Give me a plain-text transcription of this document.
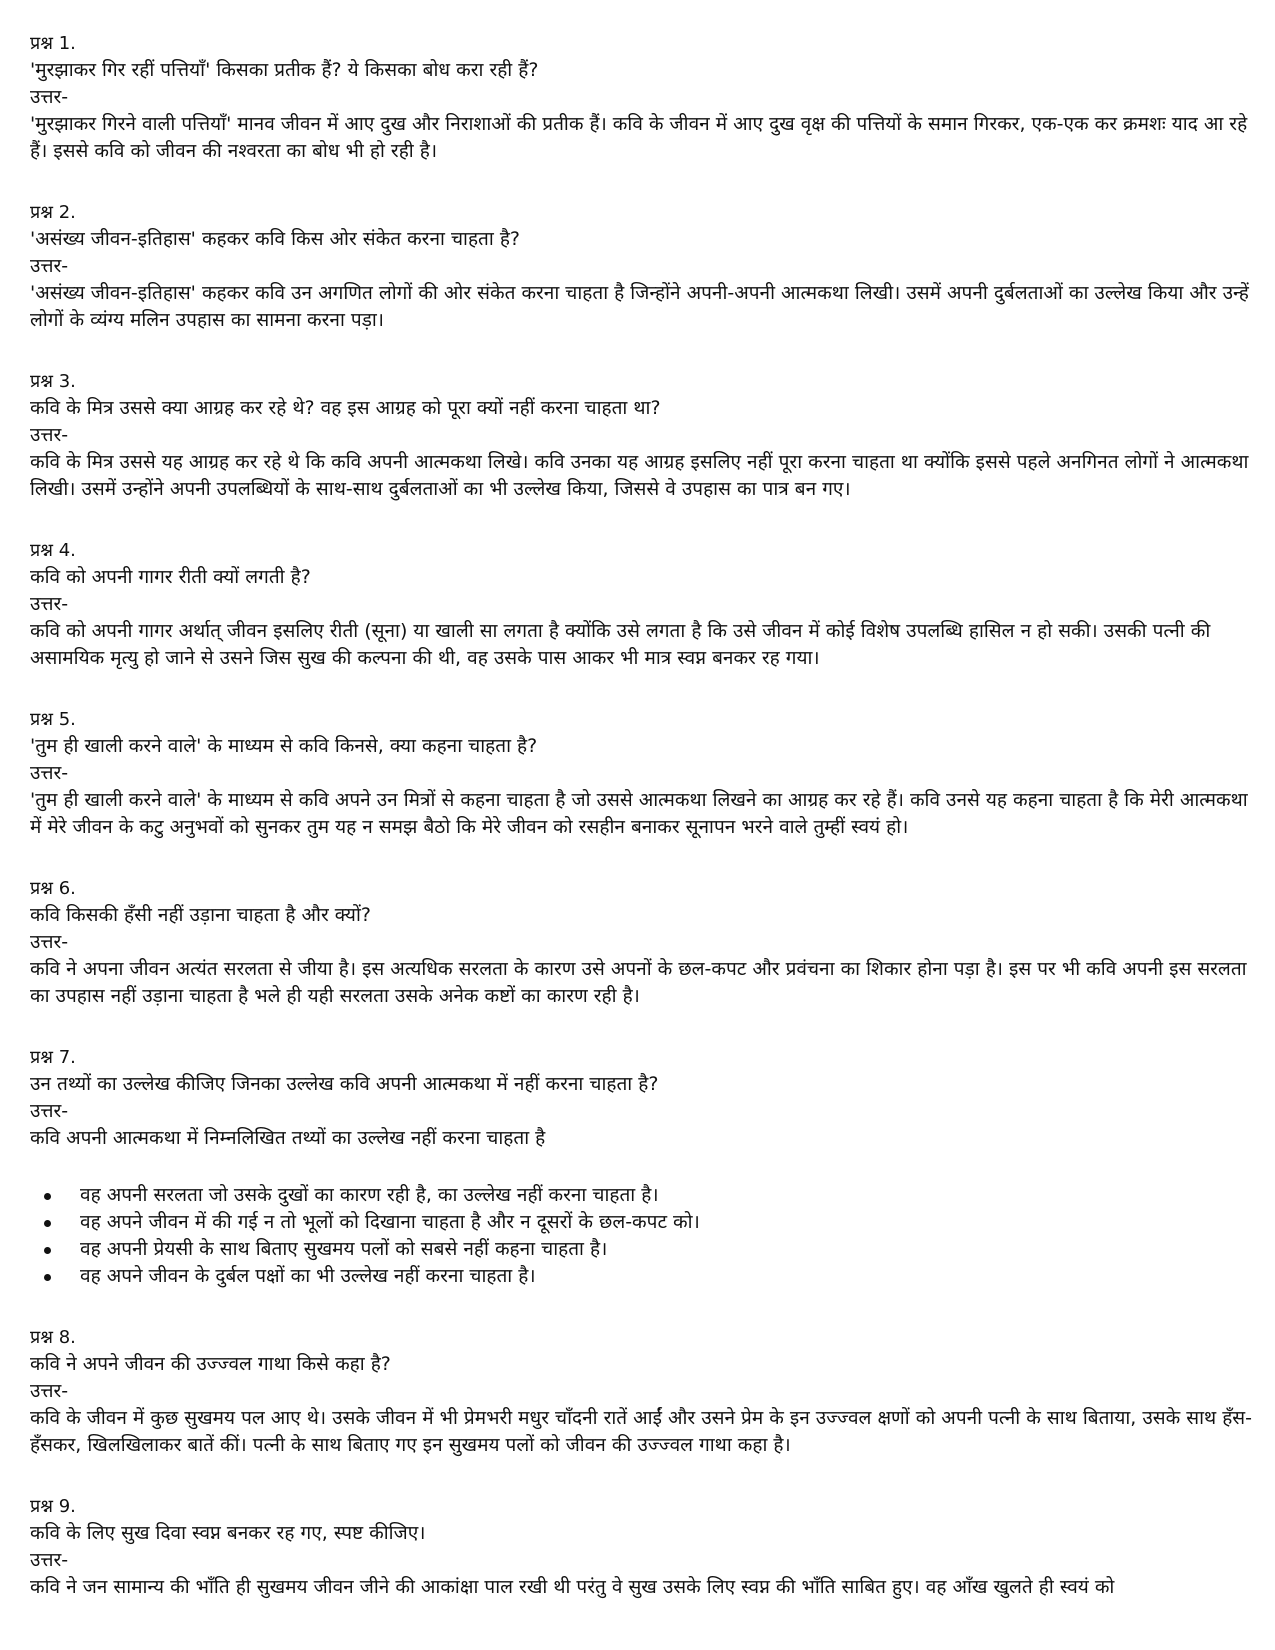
प्रश्न 1.
'मुरझाकर गिर रहीं पत्तियाँ' किसका प्रतीक हैं? ये किसका बोध करा रही हैं?
उत्तर-
'मुरझाकर गिरने वाली पत्तियाँ' मानव जीवन में आए दुख और निराशाओं की प्रतीक हैं। कवि के जीवन में आए दुख वृक्ष की पत्तियों के समान गिरकर, एक-एक कर क्रमशः याद आ रहे हैं। इससे कवि को जीवन की नश्वरता का बोध भी हो रही है।
प्रश्न 2.
'असंख्य जीवन-इतिहास' कहकर कवि किस ओर संकेत करना चाहता है?
उत्तर-
'असंख्य जीवन-इतिहास' कहकर कवि उन अगणित लोगों की ओर संकेत करना चाहता है जिन्होंने अपनी-अपनी आत्मकथा लिखी। उसमें अपनी दुर्बलताओं का उल्लेख किया और उन्हें लोगों के व्यंग्य मलिन उपहास का सामना करना पड़ा।
प्रश्न 3.
कवि के मित्र उससे क्या आग्रह कर रहे थे? वह इस आग्रह को पूरा क्यों नहीं करना चाहता था?
उत्तर-
कवि के मित्र उससे यह आग्रह कर रहे थे कि कवि अपनी आत्मकथा लिखे। कवि उनका यह आग्रह इसलिए नहीं पूरा करना चाहता था क्योंकि इससे पहले अनगिनत लोगों ने आत्मकथा लिखी। उसमें उन्होंने अपनी उपलब्धियों के साथ-साथ दुर्बलताओं का भी उल्लेख किया, जिससे वे उपहास का पात्र बन गए।
प्रश्न 4.
कवि को अपनी गागर रीती क्यों लगती है?
उत्तर-
कवि को अपनी गागर अर्थात् जीवन इसलिए रीती (सूना) या खाली सा लगता है क्योंकि उसे लगता है कि उसे जीवन में कोई विशेष उपलब्धि हासिल न हो सकी। उसकी पत्नी की असामयिक मृत्यु हो जाने से उसने जिस सुख की कल्पना की थी, वह उसके पास आकर भी मात्र स्वप्न बनकर रह गया।
प्रश्न 5.
'तुम ही खाली करने वाले' के माध्यम से कवि किनसे, क्या कहना चाहता है?
उत्तर-
'तुम ही खाली करने वाले' के माध्यम से कवि अपने उन मित्रों से कहना चाहता है जो उससे आत्मकथा लिखने का आग्रह कर रहे हैं। कवि उनसे यह कहना चाहता है कि मेरी आत्मकथा में मेरे जीवन के कटु अनुभवों को सुनकर तुम यह न समझ बैठो कि मेरे जीवन को रसहीन बनाकर सूनापन भरने वाले तुम्हीं स्वयं हो।
प्रश्न 6.
कवि किसकी हँसी नहीं उड़ाना चाहता है और क्यों?
उत्तर-
कवि ने अपना जीवन अत्यंत सरलता से जीया है। इस अत्यधिक सरलता के कारण उसे अपनों के छल-कपट और प्रवंचना का शिकार होना पड़ा है। इस पर भी कवि अपनी इस सरलता का उपहास नहीं उड़ाना चाहता है भले ही यही सरलता उसके अनेक कष्टों का कारण रही है।
प्रश्न 7.
उन तथ्यों का उल्लेख कीजिए जिनका उल्लेख कवि अपनी आत्मकथा में नहीं करना चाहता है?
उत्तर-
कवि अपनी आत्मकथा में निम्नलिखित तथ्यों का उल्लेख नहीं करना चाहता है
वह अपनी सरलता जो उसके दुखों का कारण रही है, का उल्लेख नहीं करना चाहता है।
वह अपने जीवन में की गई न तो भूलों को दिखाना चाहता है और न दूसरों के छल-कपट को।
वह अपनी प्रेयसी के साथ बिताए सुखमय पलों को सबसे नहीं कहना चाहता है।
वह अपने जीवन के दुर्बल पक्षों का भी उल्लेख नहीं करना चाहता है।
प्रश्न 8.
कवि ने अपने जीवन की उज्ज्वल गाथा किसे कहा है?
उत्तर-
कवि के जीवन में कुछ सुखमय पल आए थे। उसके जीवन में भी प्रेमभरी मधुर चाँदनी रातें आईं और उसने प्रेम के इन उज्ज्वल क्षणों को अपनी पत्नी के साथ बिताया, उसके साथ हँस-हँसकर, खिलखिलाकर बातें कीं। पत्नी के साथ बिताए गए इन सुखमय पलों को जीवन की उज्ज्वल गाथा कहा है।
प्रश्न 9.
कवि के लिए सुख दिवा स्वप्न बनकर रह गए, स्पष्ट कीजिए।
उत्तर-
कवि ने जन सामान्य की भाँति ही सुखमय जीवन जीने की आकांक्षा पाल रखी थी परंतु वे सुख उसके लिए स्वप्न की भाँति साबित हुए। वह आँख खुलते ही स्वयं को
